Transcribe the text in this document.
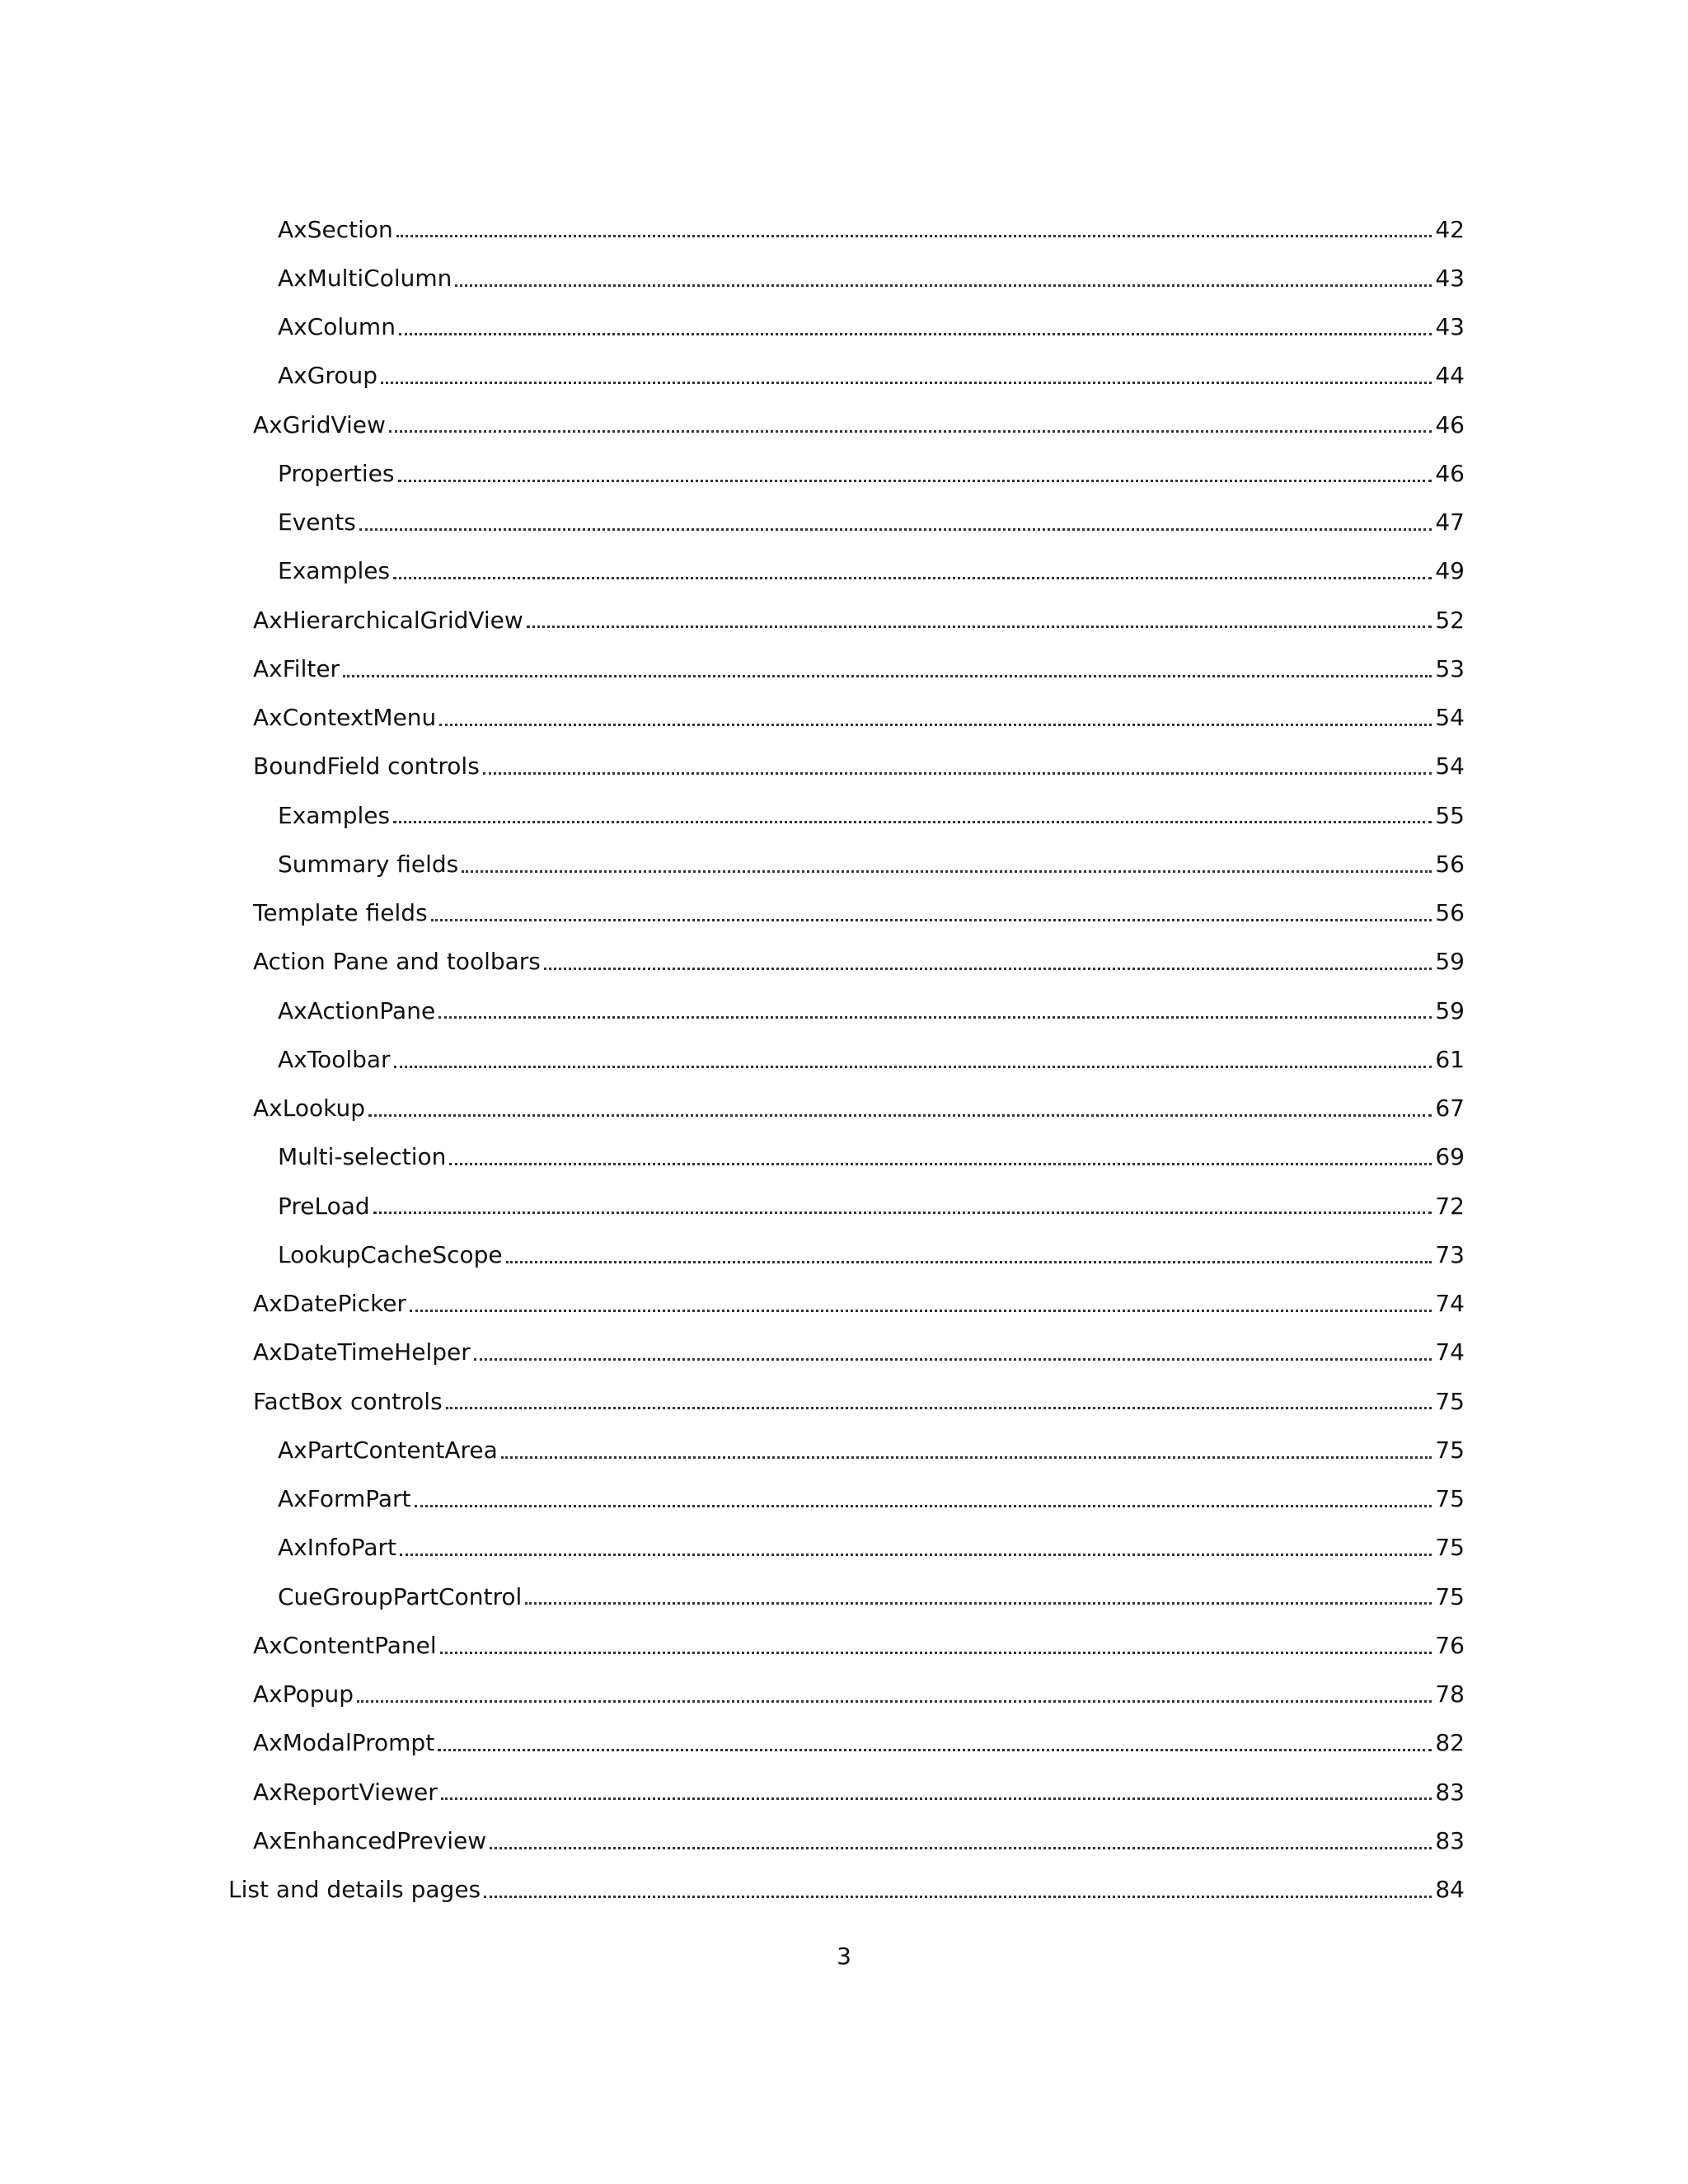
AxSection	42
AxMultiColumn	43
AxColumn	43
AxGroup	44
AxGridView	46
Properties	46
Events	47
Examples	49
AxHierarchicalGridView	52
AxFilter	53
AxContextMenu	54
BoundField controls	54
Examples	55
Summary fields	56
Template fields	56
Action Pane and toolbars	59
AxActionPane	59
AxToolbar	61
AxLookup	67
Multi-selection	69
PreLoad	72
LookupCacheScope	73
AxDatePicker	74
AxDateTimeHelper	74
FactBox controls	75
AxPartContentArea	75
AxFormPart	75
AxInfoPart	75
CueGroupPartControl	75
AxContentPanel	76
AxPopup	78
AxModalPrompt	82
AxReportViewer	83
AxEnhancedPreview	83
List and details pages	84
3
